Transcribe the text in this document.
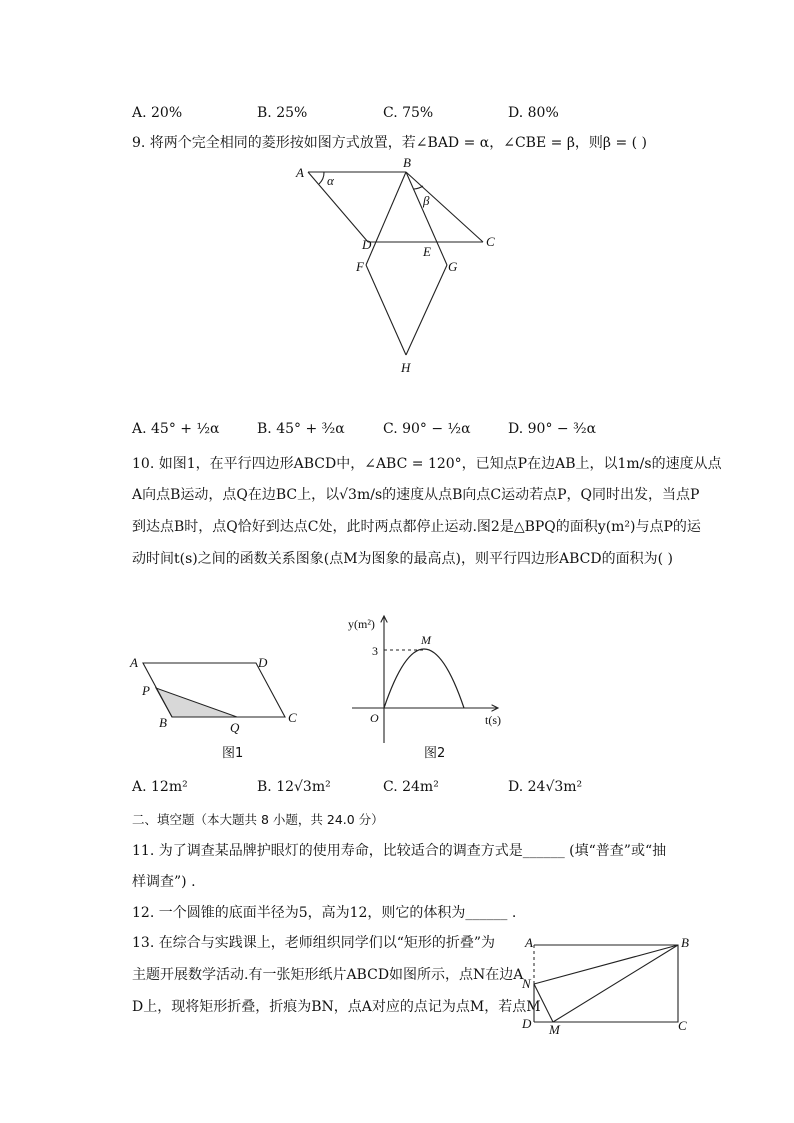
A. 20%	B. 25%	C. 75%	D. 80%
9. 将两个完全相同的菱形按如图方式放置，若∠BAD = α，∠CBE = β，则β = ( )
A
B
C
D	E
F	G
H
α
β
A. 45° + ½α	B. 45° + ³⁄₂α	C. 90° − ½α	D. 90° − ³⁄₂α
10. 如图1，在平行四边形ABCD中，∠ABC = 120°，已知点P在边AB上，以1m/s的速度从点
A向点B运动，点Q在边BC上，以√3m/s的速度从点B向点C运动若点P，Q同时出发，当点P
到达点B时，点Q恰好到达点C处，此时两点都停止运动.图2是△BPQ的面积y(m²)与点P的运
动时间t(s)之间的函数关系图象(点M为图象的最高点)，则平行四边形ABCD的面积为( )
A	D
P
B	Q
C
图1
y(m²)
t(s)
O
M
3
图2
A. 12m²	B. 12√3m²	C. 24m²	D. 24√3m²
二、填空题（本大题共 8 小题，共 24.0 分）
11. 为了调查某品牌护眼灯的使用寿命，比较适合的调查方式是______ (填“普查”或“抽
样调查”) .
12. 一个圆锥的底面半径为5，高为12，则它的体积为______ .
13. 在综合与实践课上，老师组织同学们以“矩形的折叠”为
主题开展数学活动.有一张矩形纸片ABCD如图所示，点N在边A
D上，现将矩形折叠，折痕为BN，点A对应的点记为点M，若点M
A	B
N
D M	C
